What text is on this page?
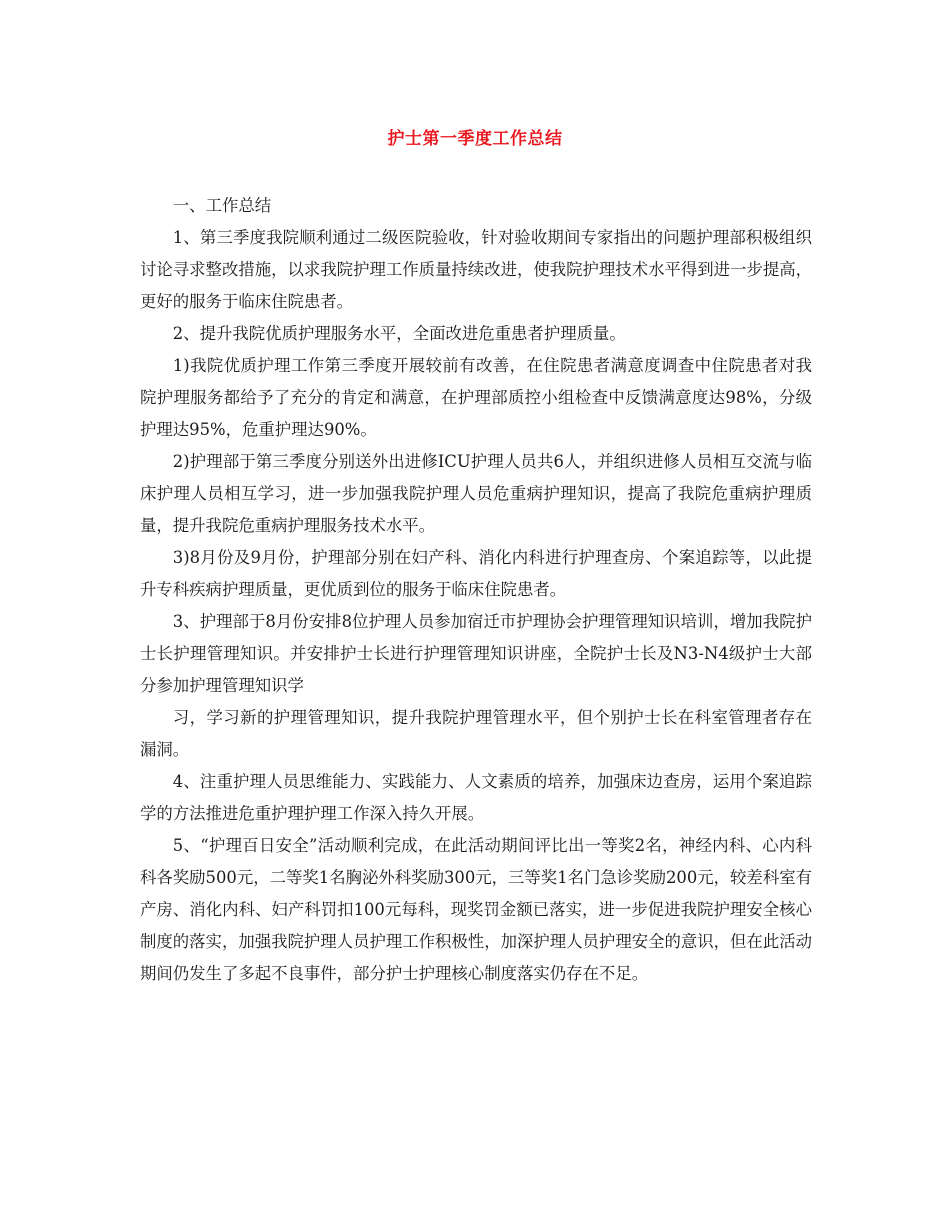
护士第一季度工作总结

一、工作总结

1、第三季度我院顺利通过二级医院验收，针对验收期间专家指出的问题护理部积极组织讨论寻求整改措施，以求我院护理工作质量持续改进，使我院护理技术水平得到进一步提高，更好的服务于临床住院患者。

2、提升我院优质护理服务水平，全面改进危重患者护理质量。

1)我院优质护理工作第三季度开展较前有改善，在住院患者满意度调查中住院患者对我院护理服务都给予了充分的肯定和满意，在护理部质控小组检查中反馈满意度达98%，分级护理达95%，危重护理达90%。

2)护理部于第三季度分别送外出进修ICU护理人员共6人，并组织进修人员相互交流与临床护理人员相互学习，进一步加强我院护理人员危重病护理知识，提高了我院危重病护理质量，提升我院危重病护理服务技术水平。

3)8月份及9月份，护理部分别在妇产科、消化内科进行护理查房、个案追踪等，以此提升专科疾病护理质量，更优质到位的服务于临床住院患者。

3、护理部于8月份安排8位护理人员参加宿迁市护理协会护理管理知识培训，增加我院护士长护理管理知识。并安排护士长进行护理管理知识讲座，全院护士长及N3-N4级护士大部分参加护理管理知识学

习，学习新的护理管理知识，提升我院护理管理水平，但个别护士长在科室管理者存在漏洞。

4、注重护理人员思维能力、实践能力、人文素质的培养，加强床边查房，运用个案追踪学的方法推进危重护理护理工作深入持久开展。

5、“护理百日安全”活动顺利完成，在此活动期间评比出一等奖2名，神经内科、心内科科各奖励500元，二等奖1名胸泌外科奖励300元，三等奖1名门急诊奖励200元，较差科室有产房、消化内科、妇产科罚扣100元每科，现奖罚金额已落实，进一步促进我院护理安全核心制度的落实，加强我院护理人员护理工作积极性，加深护理人员护理安全的意识，但在此活动期间仍发生了多起不良事件，部分护士护理核心制度落实仍存在不足。
